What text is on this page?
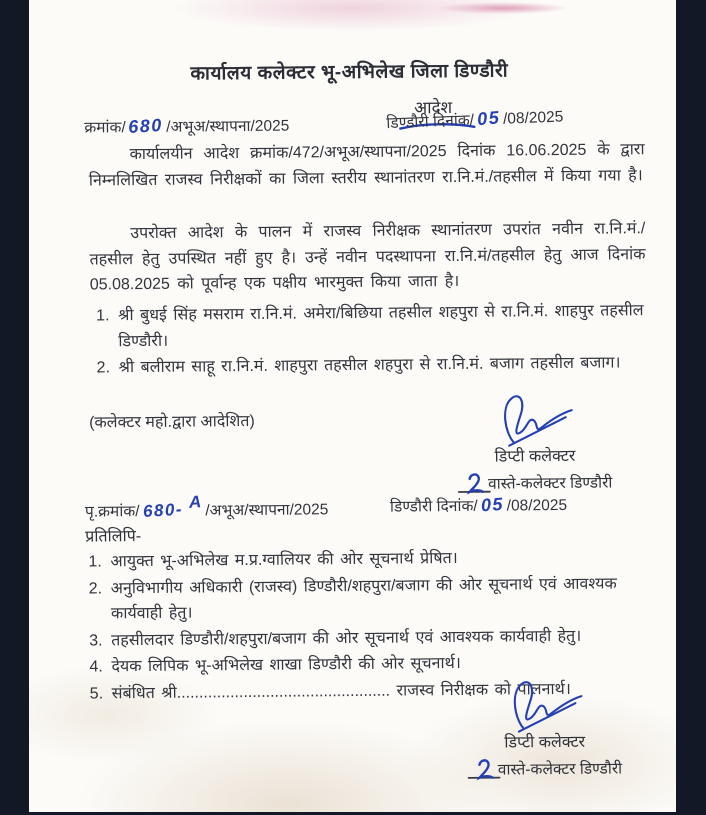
कार्यालय कलेक्टर भू-अभिलेख जिला डिण्डौरी
आदेश
क्रमांक/ 680 /अभूअ/स्थापना/2025	डिण्डौरी दिनांक/05 /08/2025

कार्यालयीन आदेश क्रमांक/472/अभूअ/स्थापना/2025 दिनांक 16.06.2025 के द्वारा निम्नलिखित राजस्व निरीक्षकों का जिला स्तरीय स्थानांतरण रा.नि.मं./तहसील में किया गया है।

उपरोक्त आदेश के पालन में राजस्व निरीक्षक स्थानांतरण उपरांत नवीन रा.नि.मं./तहसील हेतु उपस्थित नहीं हुए है। उन्हें नवीन पदस्थापना रा.नि.मं/तहसील हेतु आज दिनांक 05.08.2025 को पूर्वान्ह एक पक्षीय भारमुक्त किया जाता है।

1. श्री बुधई सिंह मसराम रा.नि.मं. अमेरा/बिछिया तहसील शहपुरा से रा.नि.मं. शाहपुर तहसील डिण्डौरी।
2. श्री बलीराम साहू रा.नि.मं. शाहपुरा तहसील शहपुरा से रा.नि.मं. बजाग तहसील बजाग।
(कलेक्टर महो.द्वारा आदेशित)
डिप्टी कलेक्टर
वास्ते-कलेक्टर डिण्डौरी
पृ.क्रमांक/ 680- A /अभूअ/स्थापना/2025	डिण्डौरी दिनांक/ 05 /08/2025
प्रतिलिपि-
1. आयुक्त भू-अभिलेख म.प्र.ग्वालियर की ओर सूचनार्थ प्रेषित।
2. अनुविभागीय अधिकारी (राजस्व) डिण्डौरी/शहपुरा/बजाग की ओर सूचनार्थ एवं आवश्यक कार्यवाही हेतु।
3. तहसीलदार डिण्डौरी/शहपुरा/बजाग की ओर सूचनार्थ एवं आवश्यक कार्यवाही हेतु।
4. देयक लिपिक भू-अभिलेख शाखा डिण्डौरी की ओर सूचनार्थ।
5. संबंधित श्री................................................ राजस्व निरीक्षक को पालनार्थ।
डिप्टी कलेक्टर
वास्ते-कलेक्टर डिण्डौरी
